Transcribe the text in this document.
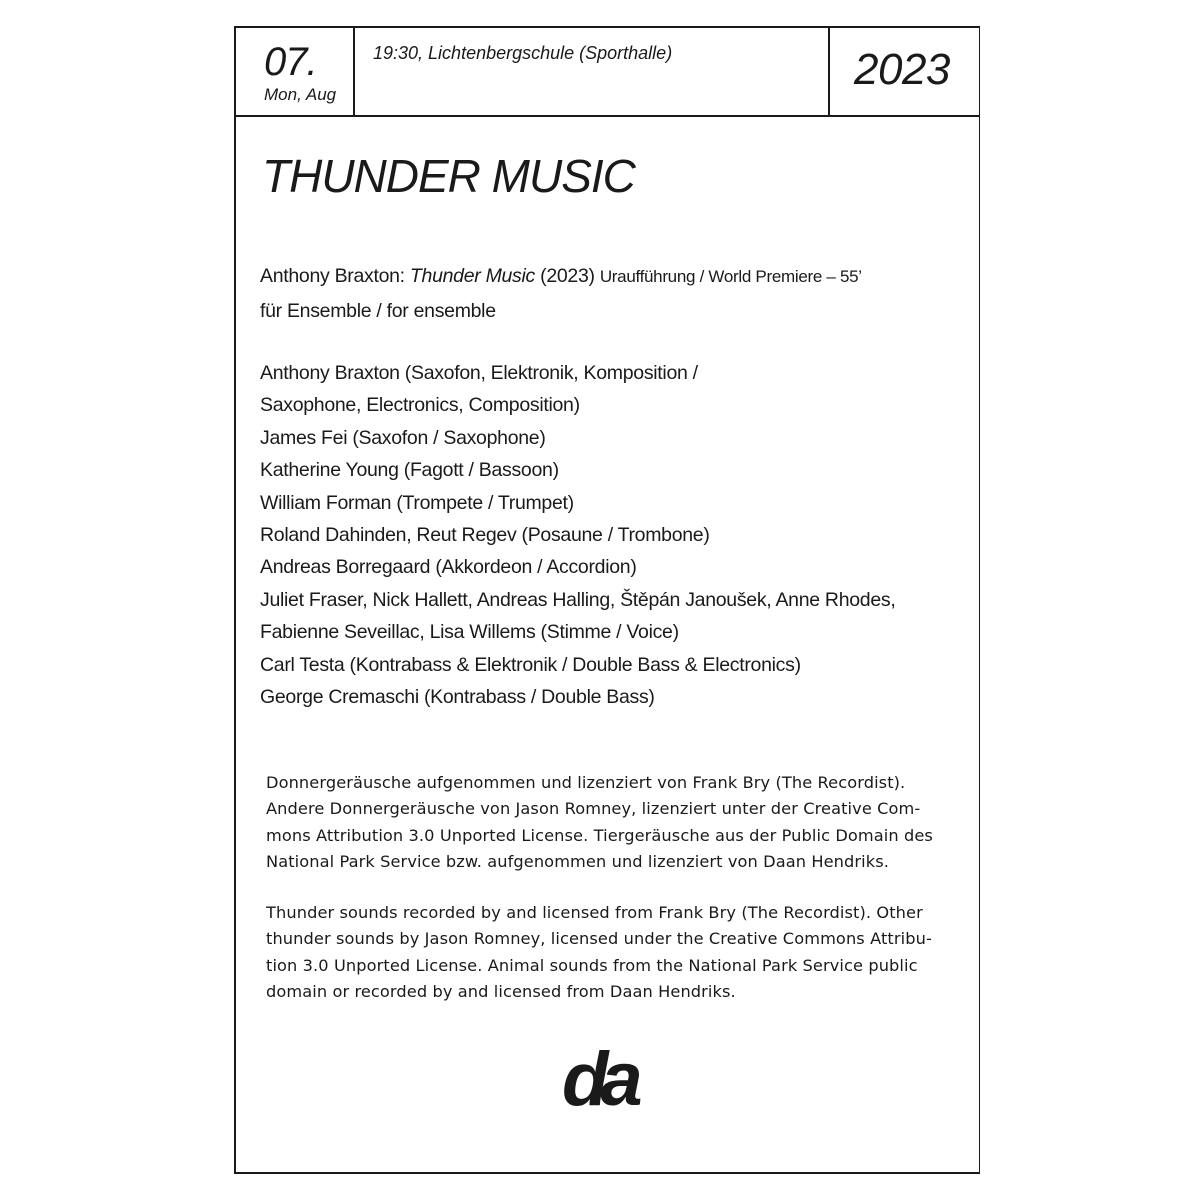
07.
Mon, Aug
19:30, Lichtenbergschule (Sporthalle)	2023
THUNDER MUSIC
Anthony Braxton: Thunder Music (2023) Uraufführung / World Premiere – 55’
für Ensemble / for ensemble
Anthony Braxton (Saxofon, Elektronik, Komposition /
Saxophone, Electronics, Composition)
James Fei (Saxofon / Saxophone)
Katherine Young (Fagott / Bassoon)
William Forman (Trompete / Trumpet)
Roland Dahinden, Reut Regev (Posaune / Trombone)
Andreas Borregaard (Akkordeon / Accordion)
Juliet Fraser, Nick Hallett, Andreas Halling, Štěpán Janoušek, Anne Rhodes,
Fabienne Seveillac, Lisa Willems (Stimme / Voice)
Carl Testa (Kontrabass & Elektronik / Double Bass & Electronics)
George Cremaschi (Kontrabass / Double Bass)

Donnergeräusche aufgenommen und lizenziert von Frank Bry (The Recordist).

Andere Donnergeräusche von Jason Romney, lizenziert unter der Creative Com-

mons Attribution 3.0 Unported License. Tiergeräusche aus der Public Domain des

National Park Service bzw. aufgenommen und lizenziert von Daan Hendriks.

Thunder sounds recorded by and licensed from Frank Bry (The Recordist). Other

thunder sounds by Jason Romney, licensed under the Creative Commons Attribu-

tion 3.0 Unported License. Animal sounds from the National Park Service public

domain or recorded by and licensed from Daan Hendriks.

da
